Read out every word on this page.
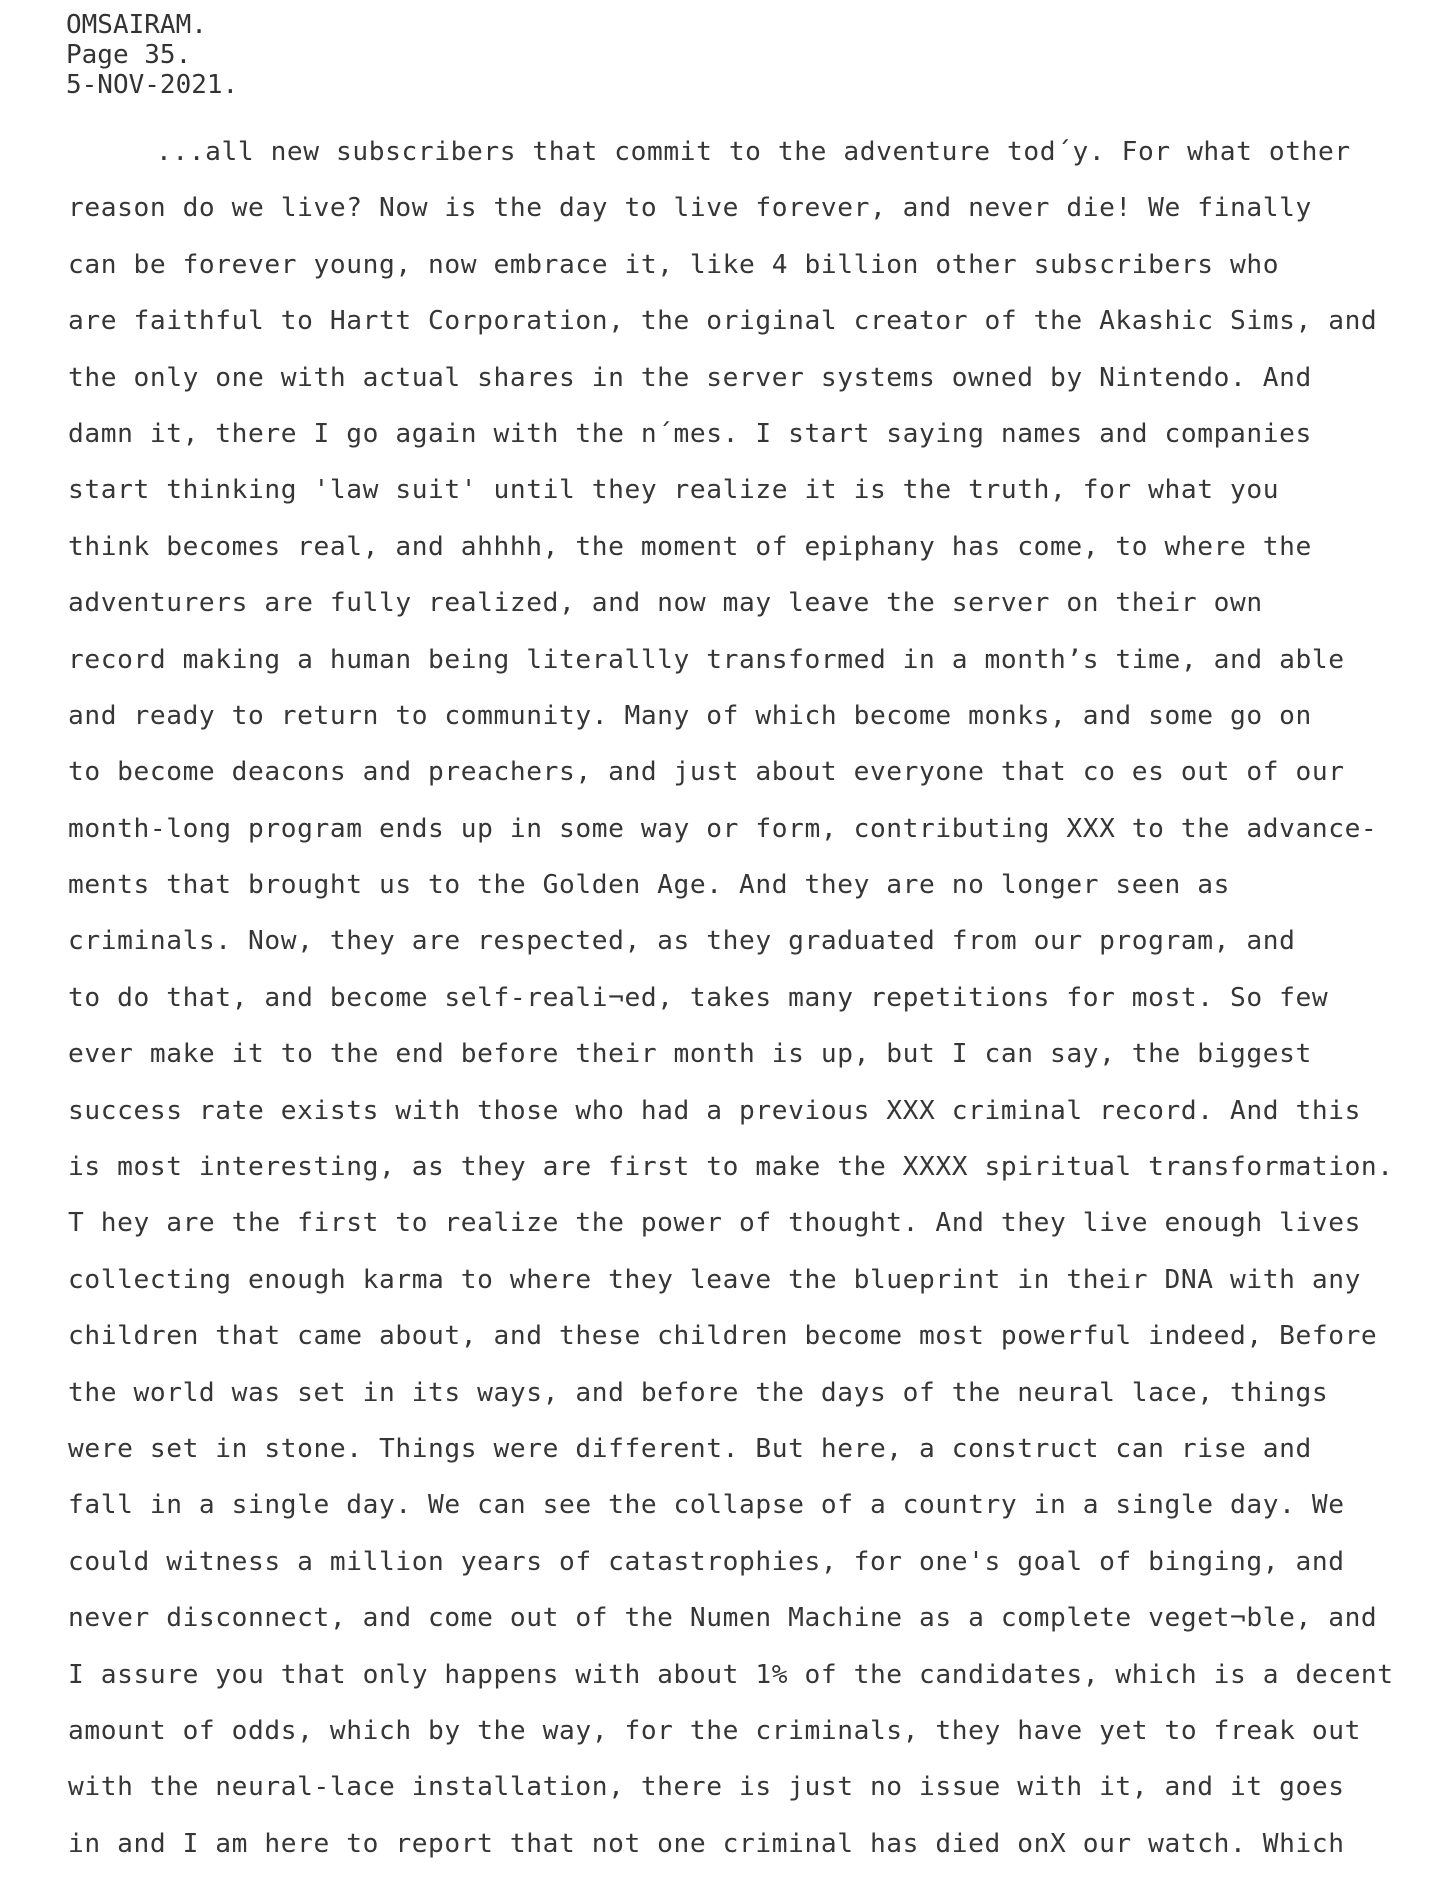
OMSAIRAM.
Page 35.
5-NOV-2021.
...all new subscribers that commit to the adventure tod´y. For what other
reason do we live? Now is the day to live forever, and never die! We finally
can be forever young, now embrace it, like 4 billion other subscribers who
are faithful to Hartt Corporation, the original creator of the Akashic Sims, and
the only one with actual shares in the server systems owned by Nintendo. And
damn it, there I go again with the n´mes. I start saying names and companies
start thinking 'law suit' until they realize it is the truth, for what you
think becomes real, and ahhhh, the moment of epiphany has come, to where the
adventurers are fully realized, and now may leave the server on their own
record making a human being literallly transformed in a month’s time, and able
and ready to return to community. Many of which become monks, and some go on
to become deacons and preachers, and just about everyone that co es out of our
month-long program ends up in some way or form, contributing XXX to the advance-
ments that brought us to the Golden Age. And they are no longer seen as
criminals. Now, they are respected, as they graduated from our program, and
to do that, and become self-reali¬ed, takes many repetitions for most. So few
ever make it to the end before their month is up, but I can say, the biggest
success rate exists with those who had a previous XXX criminal record. And this
is most interesting, as they are first to make the XXXX spiritual transformation.
T hey are the first to realize the power of thought. And they live enough lives
collecting enough karma to where they leave the blueprint in their DNA with any
children that came about, and these children become most powerful indeed, Before
the world was set in its ways, and before the days of the neural lace, things
were set in stone. Things were different. But here, a construct can rise and
fall in a single day. We can see the collapse of a country in a single day. We
could witness a million years of catastrophies, for one's goal of binging, and
never disconnect, and come out of the Numen Machine as a complete veget¬ble, and
I assure you that only happens with about 1% of the candidates, which is a decent
amount of odds, which by the way, for the criminals, they have yet to freak out
with the neural-lace installation, there is just no issue with it, and it goes
in and I am here to report that not one criminal has died onX our watch. Which
